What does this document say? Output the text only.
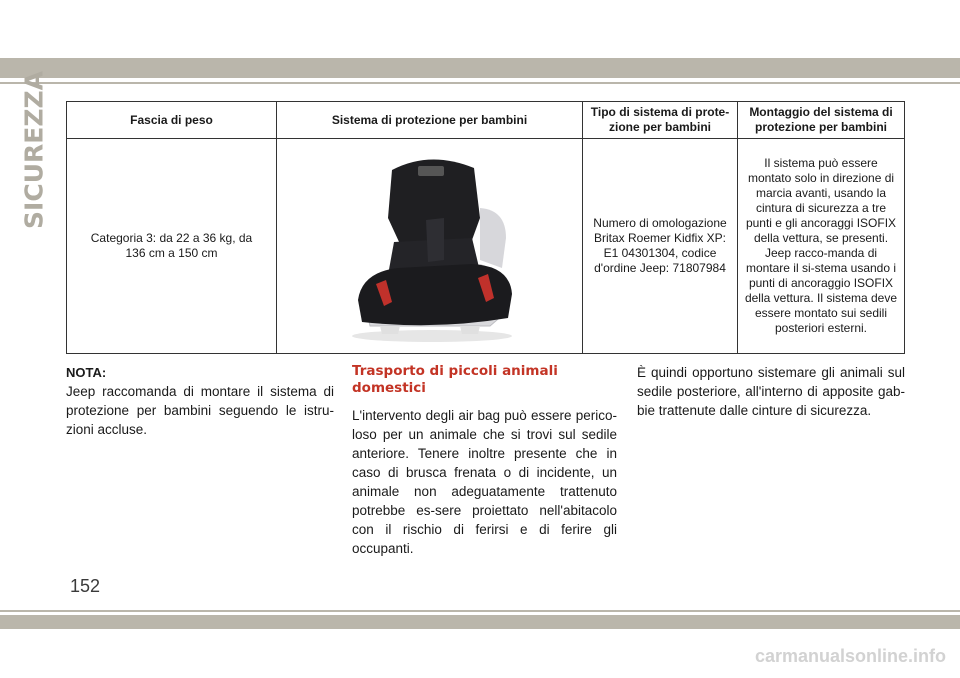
SICUREZZA	Fascia di peso	Sistema di protezione per bambini	Tipo di sistema di prote-
zione per bambini	Montaggio del sistema di
protezione per bambini
Categoria 3: da 22 a 36 kg, da 136 cm a 150 cm		Numero di omologazione Britax Roemer Kidfix XP: E1 04301304, codice d'ordine Jeep: 71807984	Il sistema può essere montato solo in direzione di marcia avanti, usando la cintura di sicurezza a tre punti e gli ancoraggi ISOFIX della vettura, se presenti. Jeep racco-manda di montare il si-stema usando i punti di ancoraggio ISOFIX della vettura. Il sistema deve essere montato sui sedili posteriori esterni.
NOTA:

Jeep raccomanda di montare il sistema di protezione per bambini seguendo le istru-zioni accluse.

Trasporto di piccoli animali domestici

L'intervento degli air bag può essere perico-loso per un animale che si trovi sul sedile anteriore. Tenere inoltre presente che in caso di brusca frenata o di incidente, un animale non adeguatamente trattenuto potrebbe es-sere proiettato nell'abitacolo con il rischio di ferirsi e di ferire gli occupanti.

È quindi opportuno sistemare gli animali sul sedile posteriore, all'interno di apposite gab-bie trattenute dalle cinture di sicurezza.

152
carmanualsonline.info
